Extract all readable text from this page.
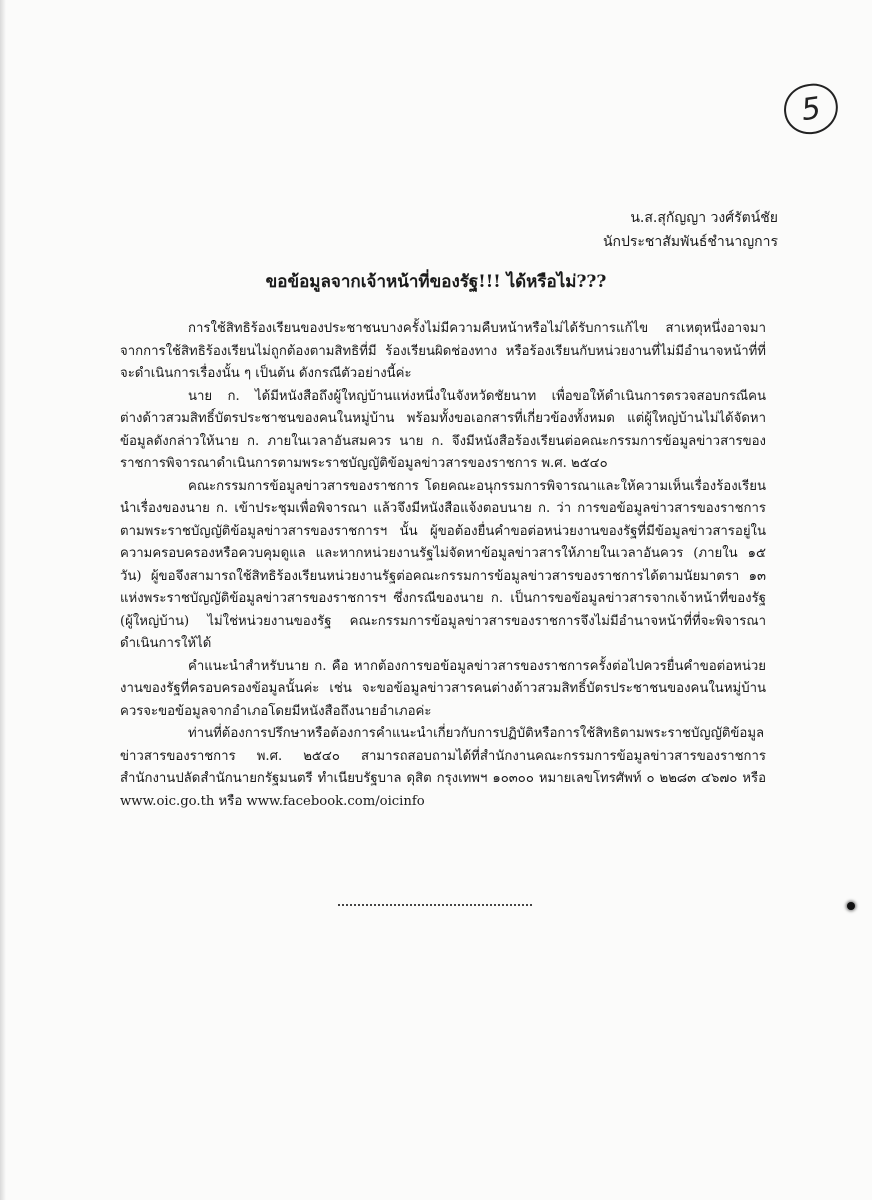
5
น.ส.สุกัญญา วงศ์รัตน์ชัย
นักประชาสัมพันธ์ชำนาญการ
ขอข้อมูลจากเจ้าหน้าที่ของรัฐ!!! ได้หรือไม่???

การใช้สิทธิร้องเรียนของประชาชนบางครั้งไม่มีความคืบหน้าหรือไม่ได้รับการแก้ไข สาเหตุหนึ่งอาจมาจากการใช้สิทธิร้องเรียนไม่ถูกต้องตามสิทธิที่มี ร้องเรียนผิดช่องทาง หรือร้องเรียนกับหน่วยงานที่ไม่มีอำนาจหน้าที่ที่จะดำเนินการเรื่องนั้น ๆ เป็นต้น ดังกรณีตัวอย่างนี้ค่ะ

นาย ก. ได้มีหนังสือถึงผู้ใหญ่บ้านแห่งหนึ่งในจังหวัดชัยนาท เพื่อขอให้ดำเนินการตรวจสอบกรณีคนต่างด้าวสวมสิทธิ์บัตรประชาชนของคนในหมู่บ้าน พร้อมทั้งขอเอกสารที่เกี่ยวข้องทั้งหมด แต่ผู้ใหญ่บ้านไม่ได้จัดหาข้อมูลดังกล่าวให้นาย ก. ภายในเวลาอันสมควร นาย ก. จึงมีหนังสือร้องเรียนต่อคณะกรรมการข้อมูลข่าวสารของราชการพิจารณาดำเนินการตามพระราชบัญญัติข้อมูลข่าวสารของราชการ พ.ศ. ๒๕๔๐

คณะกรรมการข้อมูลข่าวสารของราชการ โดยคณะอนุกรรมการพิจารณาและให้ความเห็นเรื่องร้องเรียนนำเรื่องของนาย ก. เข้าประชุมเพื่อพิจารณา แล้วจึงมีหนังสือแจ้งตอบนาย ก. ว่า การขอข้อมูลข่าวสารของราชการตามพระราชบัญญัติข้อมูลข่าวสารของราชการฯ นั้น ผู้ขอต้องยื่นคำขอต่อหน่วยงานของรัฐที่มีข้อมูลข่าวสารอยู่ในความครอบครองหรือควบคุมดูแล และหากหน่วยงานรัฐไม่จัดหาข้อมูลข่าวสารให้ภายในเวลาอันควร (ภายใน ๑๕ วัน) ผู้ขอจึงสามารถใช้สิทธิร้องเรียนหน่วยงานรัฐต่อคณะกรรมการข้อมูลข่าวสารของราชการได้ตามนัยมาตรา ๑๓ แห่งพระราชบัญญัติข้อมูลข่าวสารของราชการฯ ซึ่งกรณีของนาย ก. เป็นการขอข้อมูลข่าวสารจากเจ้าหน้าที่ของรัฐ (ผู้ใหญ่บ้าน) ไม่ใช่หน่วยงานของรัฐ คณะกรรมการข้อมูลข่าวสารของราชการจึงไม่มีอำนาจหน้าที่ที่จะพิจารณาดำเนินการให้ได้

คำแนะนำสำหรับนาย ก. คือ หากต้องการขอข้อมูลข่าวสารของราชการครั้งต่อไปควรยื่นคำขอต่อหน่วยงานของรัฐที่ครอบครองข้อมูลนั้นค่ะ เช่น จะขอข้อมูลข่าวสารคนต่างด้าวสวมสิทธิ์บัตรประชาชนของคนในหมู่บ้านควรจะขอข้อมูลจากอำเภอโดยมีหนังสือถึงนายอำเภอค่ะ

ท่านที่ต้องการปรึกษาหรือต้องการคำแนะนำเกี่ยวกับการปฏิบัติหรือการใช้สิทธิตามพระราชบัญญัติข้อมูลข่าวสารของราชการ พ.ศ. ๒๕๔๐ สามารถสอบถามได้ที่สำนักงานคณะกรรมการข้อมูลข่าวสารของราชการ สำนักงานปลัดสำนักนายกรัฐมนตรี ทำเนียบรัฐบาล ดุสิต กรุงเทพฯ ๑๐๓๐๐ หมายเลขโทรศัพท์ ๐ ๒๒๘๓ ๔๖๗๐ หรือ www.oic.go.th หรือ www.facebook.com/oicinfo
